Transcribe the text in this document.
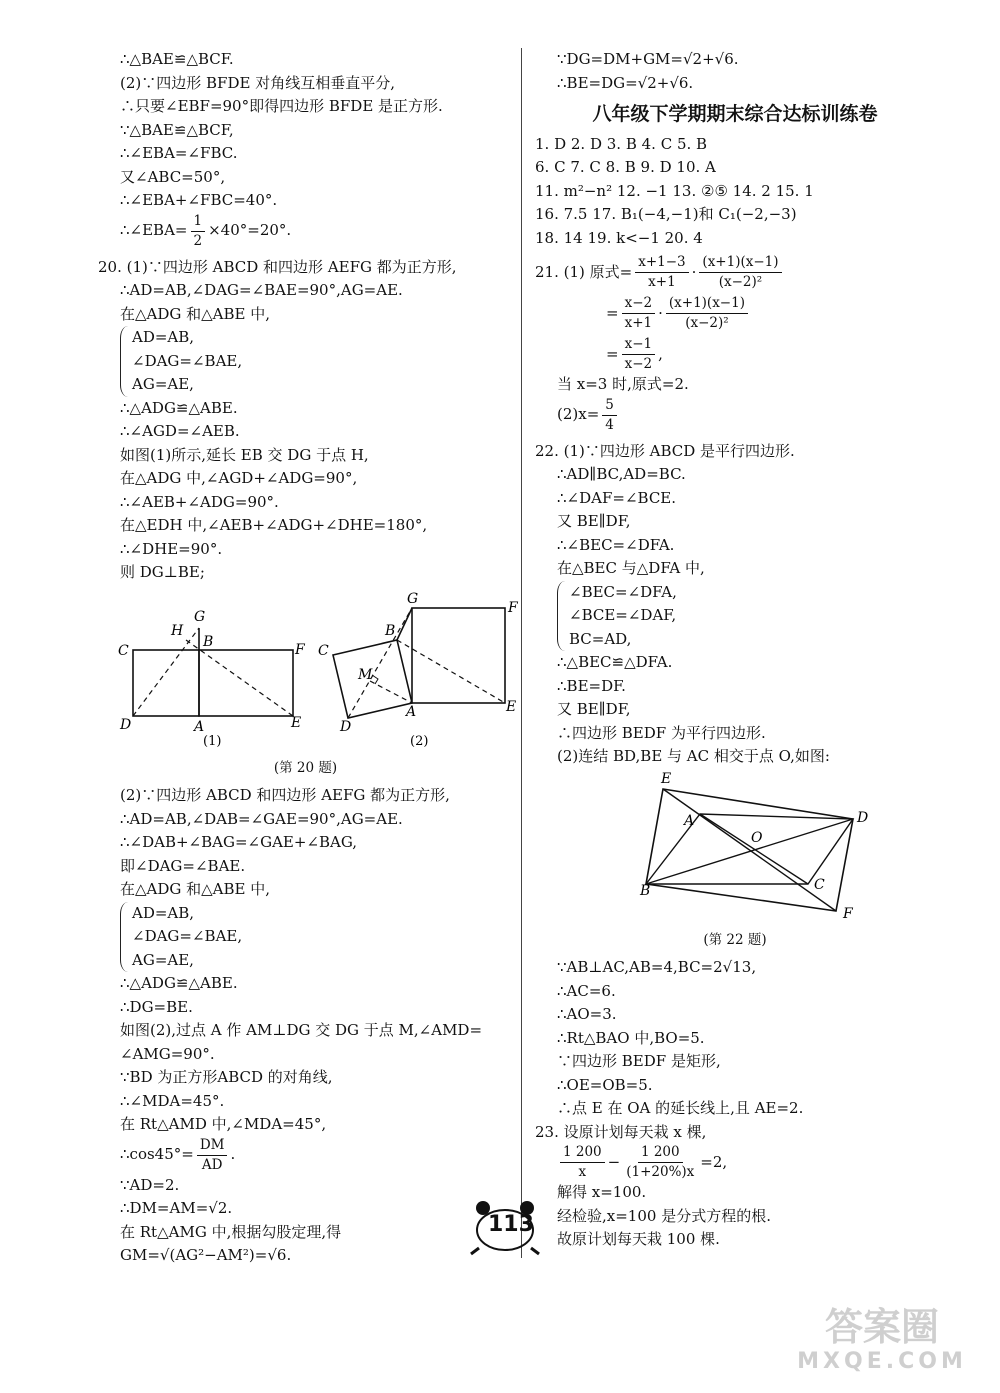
∴△BAE≌△BCF.
(2)∵四边形 BFDE 对角线互相垂直平分,
∴只要∠EBF=90°即得四边形 BFDE 是正方形.
∵△BAE≌△BCF,
∴∠EBA=∠FBC.
又∠ABC=50°,
∴∠EBA+∠FBC=40°.
∴∠EBA= $\frac{1}{2} \times 40^\circ=20^\circ$.
20. (1)∵四边形 ABCD 和四边形 AEFG 都为正方形,
∴AD=AB,∠DAG=∠BAE=90°,AG=AE.
在△ADG 和△ABE 中,
AD=AB,
∠DAG=∠BAE,
AG=AE,
∴△ADG≌△ABE.
∴∠AGD=∠AEB.
如图(1)所示,延长 EB 交 DG 于点 H,
在△ADG 中,∠AGD+∠ADG=90°,
∴∠AEB+∠ADG=90°.
在△EDH 中,∠AEB+∠ADG+∠DHE=180°,
∴∠DHE=90°.
则 DG⊥BE;
C
H
G
B	F
D	A	E
(1)
C
B
G
F
M
D
A	E
(2)
(第 20 题)
(2)∵四边形 ABCD 和四边形 AEFG 都为正方形,
∴AD=AB,∠DAB=∠GAE=90°,AG=AE.
∴∠DAB+∠BAG=∠GAE+∠BAG,
即∠DAG=∠BAE.
在△ADG 和△ABE 中,
AD=AB,
∠DAG=∠BAE,
AG=AE,
∴△ADG≌△ABE.
∴DG=BE.
如图(2),过点 A 作 AM⊥DG 交 DG 于点 M,∠AMD=
∠AMG=90°.
∵BD 为正方形ABCD 的对角线,
∴∠MDA=45°.
在 Rt△AMD 中,∠MDA=45°,
∴cos45°= $\frac{DM}{AD}$ .
∵AD=2.
∴DM=AM=√2.
在 Rt△AMG 中,根据勾股定理,得
GM=√(AG²−AM²)=√6.
∵DG=DM+GM=√2+√6.
∴BE=DG=√2+√6.
八年级下学期期末综合达标训练卷
1. D 2. D 3. B 4. C 5. B
6. C 7. C 8. B 9. D 10. A
11. m²−n² 12. −1 13. ②⑤ 14. 2 15. 1
16. 7.5 17. B₁(−4,−1)和 C₁(−2,−3)
18. 14 19. k<−1 20. 4
21. (1) 原式= $\frac{x+1-3}{x+1} \cdot \frac{(x+1)(x-1)}{\text{(x−2)²}}$
= $\frac{x-2}{x+1} \cdot \frac{(x+1)(x-1)}{\text{(x−2)²}}$
= $\frac{x-1}{x-2}$ ,
当 x=3 时,原式=2.
$(2)x= \frac{5}{4}$
22. (1)∵四边形 ABCD 是平行四边形.
∴AD∥BC,AD=BC.
∴∠DAF=∠BCE.
又 BE∥DF,
∴∠BEC=∠DFA.
在△BEC 与△DFA 中,
∠BEC=∠DFA,
∠BCE=∠DAF,
BC=AD,
∴△BEC≌△DFA.
∴BE=DF.
又 BE∥DF,
∴四边形 BEDF 为平行四边形.
(2)连结 BD,BE 与 AC 相交于点 O,如图:
E
A
O
D
B	C
F
(第 22 题)
∵AB⊥AC,AB=4,BC=2√13,
∴AC=6.
∴AO=3.
∴Rt△BAO 中,BO=5.
∵四边形 BEDF 是矩形,
∴OE=OB=5.
∴点 E 在 OA 的延长线上,且 AE=2.
23. 设原计划每天栽 x 棵,
$\frac{1 200}{x} - \frac{1 200}{(1+20\%)x} =2$,
解得 x=100.
经检验,x=100 是分式方程的根.
故原计划每天栽 100 棵.
113
答案圈
MXQE.COM
